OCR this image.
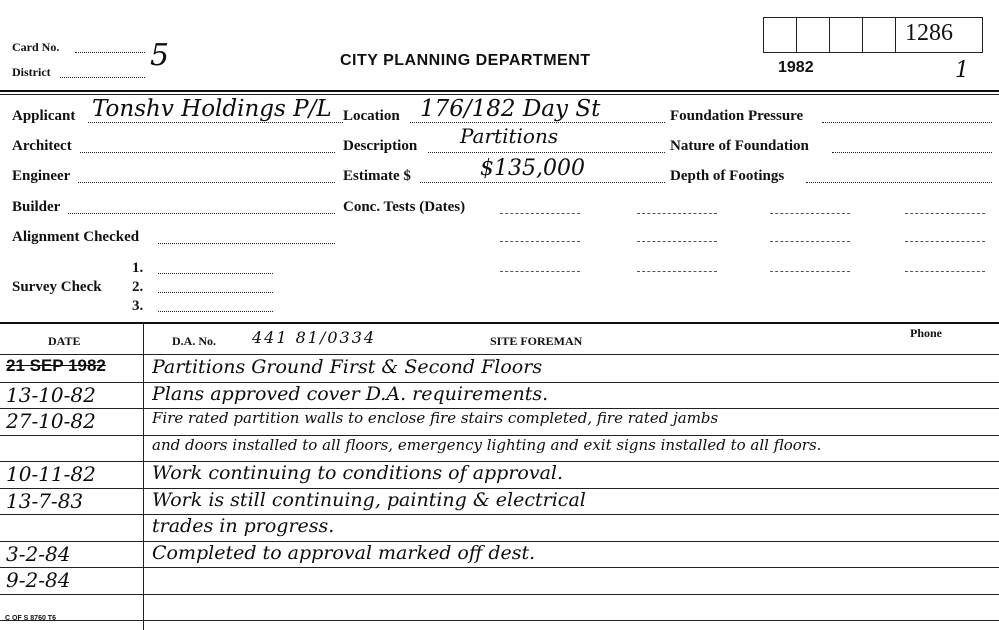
Card No.	5
District
CITY PLANNING DEPARTMENT	1982	1
1286
Applicant Tonshv Holdings P/L
Architect
Engineer
Builder
Alignment Checked
Survey Check
1.
2.
3.
Location 176/182 Day St
Description Partitions
Estimate $	$135,000
Conc. Tests (Dates)
Foundation Pressure
Nature of Foundation
Depth of Footings
DATE	D.A. No. 441 81/0334	SITE FOREMAN
Phone
21 SEP 1982 Partitions Ground First & Second Floors
13-10-82	Plans approved cover D.A. requirements.
27-10-82	Fire rated partition walls to enclose fire stairs completed, fire rated jambs
and doors installed to all floors, emergency lighting and exit signs installed to all floors.
10-11-82	Work continuing to conditions of approval.
13-7-83	Work is still continuing, painting & electrical
trades in progress.
3-2-84	Completed to approval marked off dest.
9-2-84
C OF S 8760 T6
